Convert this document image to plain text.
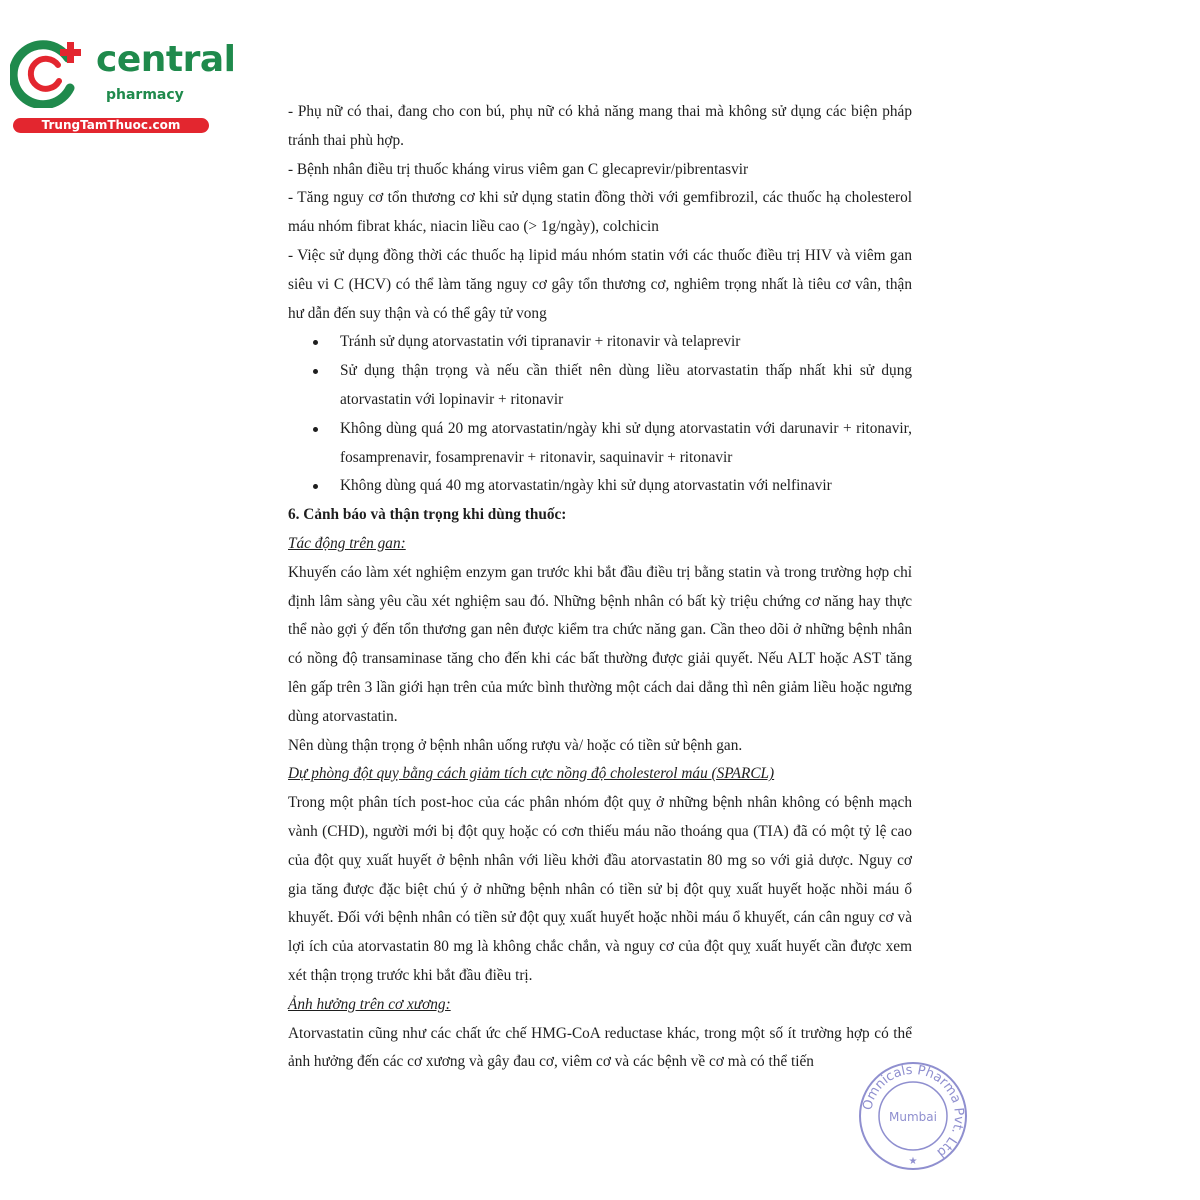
central
pharmacy
TrungTamThuoc.com

- Phụ nữ có thai, đang cho con bú, phụ nữ có khả năng mang thai mà không sử dụng các biện pháp tránh thai phù hợp.

- Bệnh nhân điều trị thuốc kháng virus viêm gan C glecaprevir/pibrentasvir

- Tăng nguy cơ tổn thương cơ khi sử dụng statin đồng thời với gemfibrozil, các thuốc hạ cholesterol máu nhóm fibrat khác, niacin liều cao (> 1g/ngày), colchicin

- Việc sử dụng đồng thời các thuốc hạ lipid máu nhóm statin với các thuốc điều trị HIV và viêm gan siêu vi C (HCV) có thể làm tăng nguy cơ gây tổn thương cơ, nghiêm trọng nhất là tiêu cơ vân, thận hư dẫn đến suy thận và có thể gây tử vong

Tránh sử dụng atorvastatin với tipranavir + ritonavir và telaprevir
Sử dụng thận trọng và nếu cần thiết nên dùng liều atorvastatin thấp nhất khi sử dụng atorvastatin với lopinavir + ritonavir
Không dùng quá 20 mg atorvastatin/ngày khi sử dụng atorvastatin với darunavir + ritonavir, fosamprenavir, fosamprenavir + ritonavir, saquinavir + ritonavir
Không dùng quá 40 mg atorvastatin/ngày khi sử dụng atorvastatin với nelfinavir

6. Cảnh báo và thận trọng khi dùng thuốc:

Tác động trên gan:

Khuyến cáo làm xét nghiệm enzym gan trước khi bắt đầu điều trị bằng statin và trong trường hợp chỉ định lâm sàng yêu cầu xét nghiệm sau đó. Những bệnh nhân có bất kỳ triệu chứng cơ năng hay thực thể nào gợi ý đến tổn thương gan nên được kiểm tra chức năng gan. Cần theo dõi ở những bệnh nhân có nồng độ transaminase tăng cho đến khi các bất thường được giải quyết. Nếu ALT hoặc AST tăng lên gấp trên 3 lần giới hạn trên của mức bình thường một cách dai dẳng thì nên giảm liều hoặc ngưng dùng atorvastatin.

Nên dùng thận trọng ở bệnh nhân uống rượu và/ hoặc có tiền sử bệnh gan.

Dự phòng đột quỵ bằng cách giảm tích cực nồng độ cholesterol máu (SPARCL)

Trong một phân tích post-hoc của các phân nhóm đột quỵ ở những bệnh nhân không có bệnh mạch vành (CHD), người mới bị đột quỵ hoặc có cơn thiếu máu não thoáng qua (TIA) đã có một tỷ lệ cao của đột quỵ xuất huyết ở bệnh nhân với liều khởi đầu atorvastatin 80 mg so với giả dược. Nguy cơ gia tăng được đặc biệt chú ý ở những bệnh nhân có tiền sử bị đột quỵ xuất huyết hoặc nhồi máu ổ khuyết. Đối với bệnh nhân có tiền sử đột quỵ xuất huyết hoặc nhồi máu ổ khuyết, cán cân nguy cơ và lợi ích của atorvastatin 80 mg là không chắc chắn, và nguy cơ của đột quỵ xuất huyết cần được xem xét thận trọng trước khi bắt đầu điều trị.

Ảnh hưởng trên cơ xương:

Atorvastatin cũng như các chất ức chế HMG-CoA reductase khác, trong một số ít trường hợp có thể ảnh hưởng đến các cơ xương và gây đau cơ, viêm cơ và các bệnh về cơ mà có thể tiến

Omnicals Pharma Pvt. Ltd
Mumbai
★
